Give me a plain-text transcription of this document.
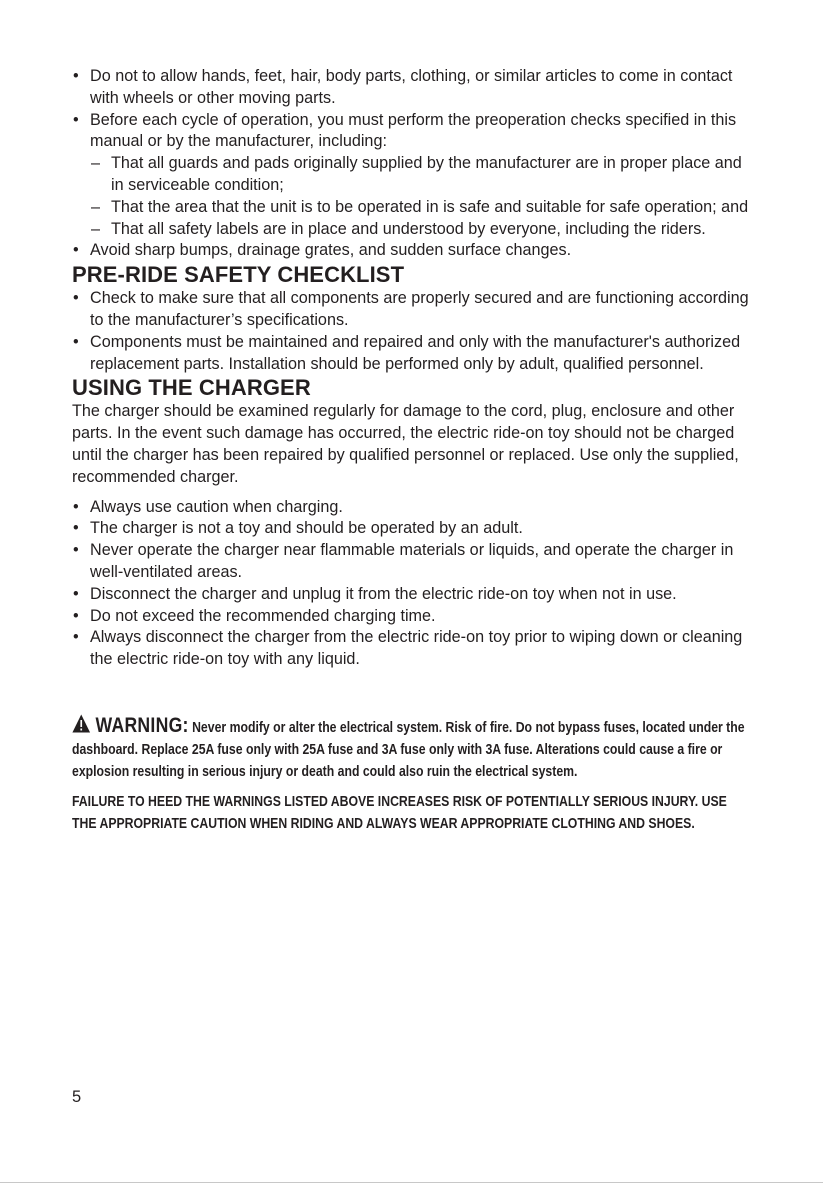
• Do not to allow hands, feet, hair, body parts, clothing, or similar articles to come in contact with wheels or other moving parts.
• Before each cycle of operation, you must perform the preoperation checks specified in this manual or by the manufacturer, including:
– That all guards and pads originally supplied by the manufacturer are in proper place and in serviceable condition;
– That the area that the unit is to be operated in is safe and suitable for safe operation; and
– That all safety labels are in place and understood by everyone, including the riders.
• Avoid sharp bumps, drainage grates, and sudden surface changes.
PRE-RIDE SAFETY CHECKLIST
• Check to make sure that all components are properly secured and are functioning according to the manufacturer’s specifications.
• Components must be maintained and repaired and only with the manufacturer's authorized replacement parts. Installation should be performed only by adult, qualified personnel.
USING THE CHARGER

The charger should be examined regularly for damage to the cord, plug, enclosure and other parts. In the event such damage has occurred, the electric ride-on toy should not be charged until the charger has been repaired by qualified personnel or replaced. Use only the supplied, recommended charger.

• Always use caution when charging.
• The charger is not a toy and should be operated by an adult.
• Never operate the charger near flammable materials or liquids, and operate the charger in well-ventilated areas.
• Disconnect the charger and unplug it from the electric ride-on toy when not in use.
• Do not exceed the recommended charging time.
• Always disconnect the charger from the electric ride-on toy prior to wiping down or cleaning the electric ride-on toy with any liquid.
WARNING: Never modify or alter the electrical system. Risk of fire. Do not bypass fuses, located under the dashboard. Replace 25A fuse only with 25A fuse and 3A fuse only with 3A fuse. Alterations could cause a fire or explosion resulting in serious injury or death and could also ruin the electrical system.
FAILURE TO HEED THE WARNINGS LISTED ABOVE INCREASES RISK OF POTENTIALLY SERIOUS INJURY. USE THE APPROPRIATE CAUTION WHEN RIDING AND ALWAYS WEAR APPROPRIATE CLOTHING AND SHOES.
5
